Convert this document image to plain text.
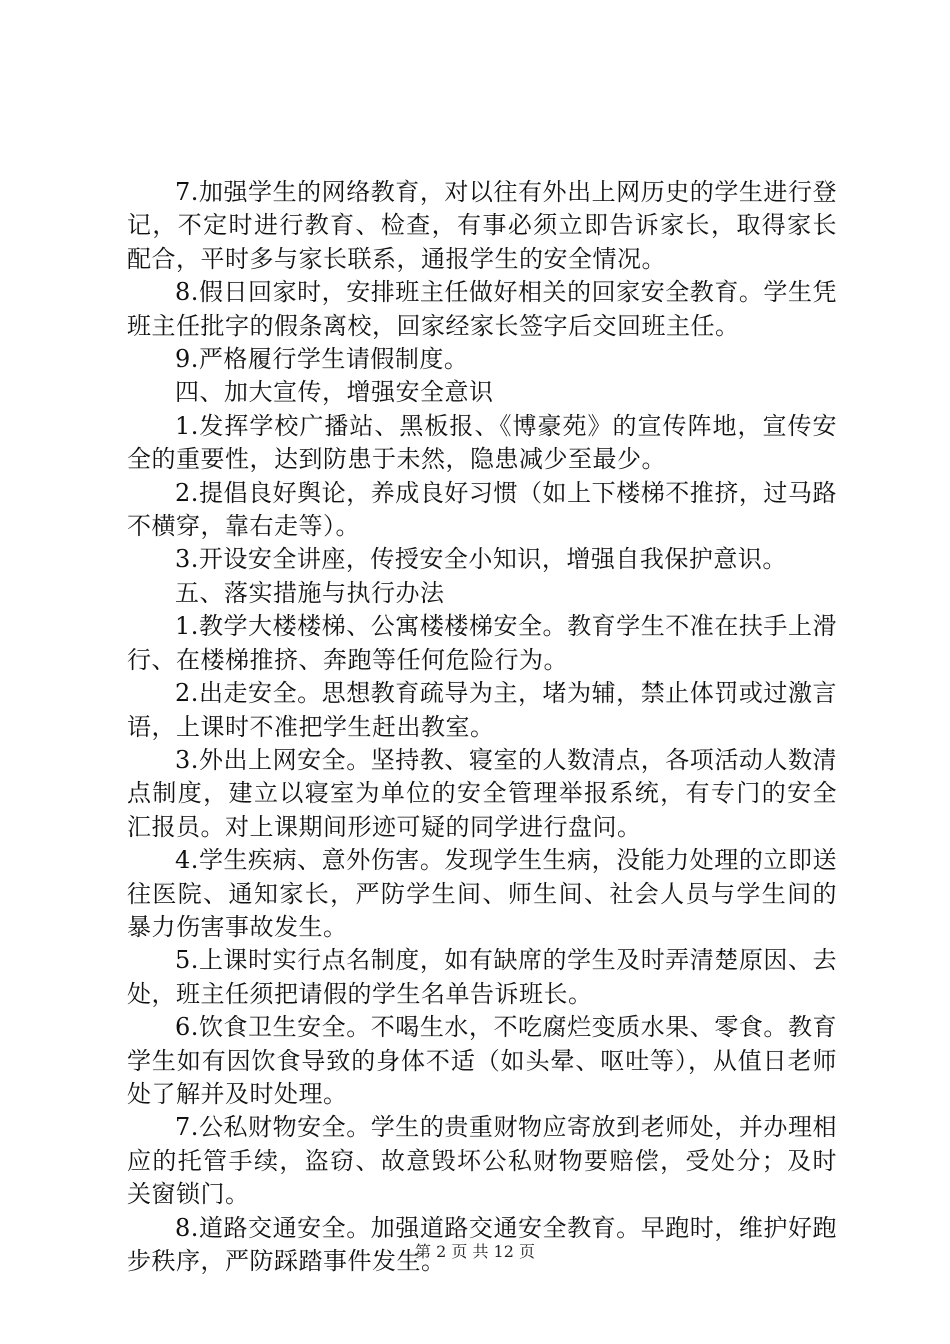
7.加强学生的网络教育，对以往有外出上网历史的学生进行登记，不定时进行教育、检查，有事必须立即告诉家长，取得家长配合，平时多与家长联系，通报学生的安全情况。

8.假日回家时，安排班主任做好相关的回家安全教育。学生凭班主任批字的假条离校，回家经家长签字后交回班主任。

9.严格履行学生请假制度。

四、加大宣传，增强安全意识

1.发挥学校广播站、黑板报、《博豪苑》的宣传阵地，宣传安全的重要性，达到防患于未然，隐患减少至最少。

2.提倡良好舆论，养成良好习惯（如上下楼梯不推挤，过马路不横穿，靠右走等）。

3.开设安全讲座，传授安全小知识，增强自我保护意识。

五、落实措施与执行办法

1.教学大楼楼梯、公寓楼楼梯安全。教育学生不准在扶手上滑行、在楼梯推挤、奔跑等任何危险行为。

2.出走安全。思想教育疏导为主，堵为辅，禁止体罚或过激言语，上课时不准把学生赶出教室。

3.外出上网安全。坚持教、寝室的人数清点，各项活动人数清点制度，建立以寝室为单位的安全管理举报系统，有专门的安全汇报员。对上课期间形迹可疑的同学进行盘问。

4.学生疾病、意外伤害。发现学生生病，没能力处理的立即送往医院、通知家长，严防学生间、师生间、社会人员与学生间的暴力伤害事故发生。

5.上课时实行点名制度，如有缺席的学生及时弄清楚原因、去处，班主任须把请假的学生名单告诉班长。

6.饮食卫生安全。不喝生水，不吃腐烂变质水果、零食。教育学生如有因饮食导致的身体不适（如头晕、呕吐等），从值日老师处了解并及时处理。

7.公私财物安全。学生的贵重财物应寄放到老师处，并办理相应的托管手续，盗窃、故意毁坏公私财物要赔偿，受处分；及时关窗锁门。

8.道路交通安全。加强道路交通安全教育。早跑时，维护好跑步秩序，严防踩踏事件发生。

第 2 页 共 12 页
